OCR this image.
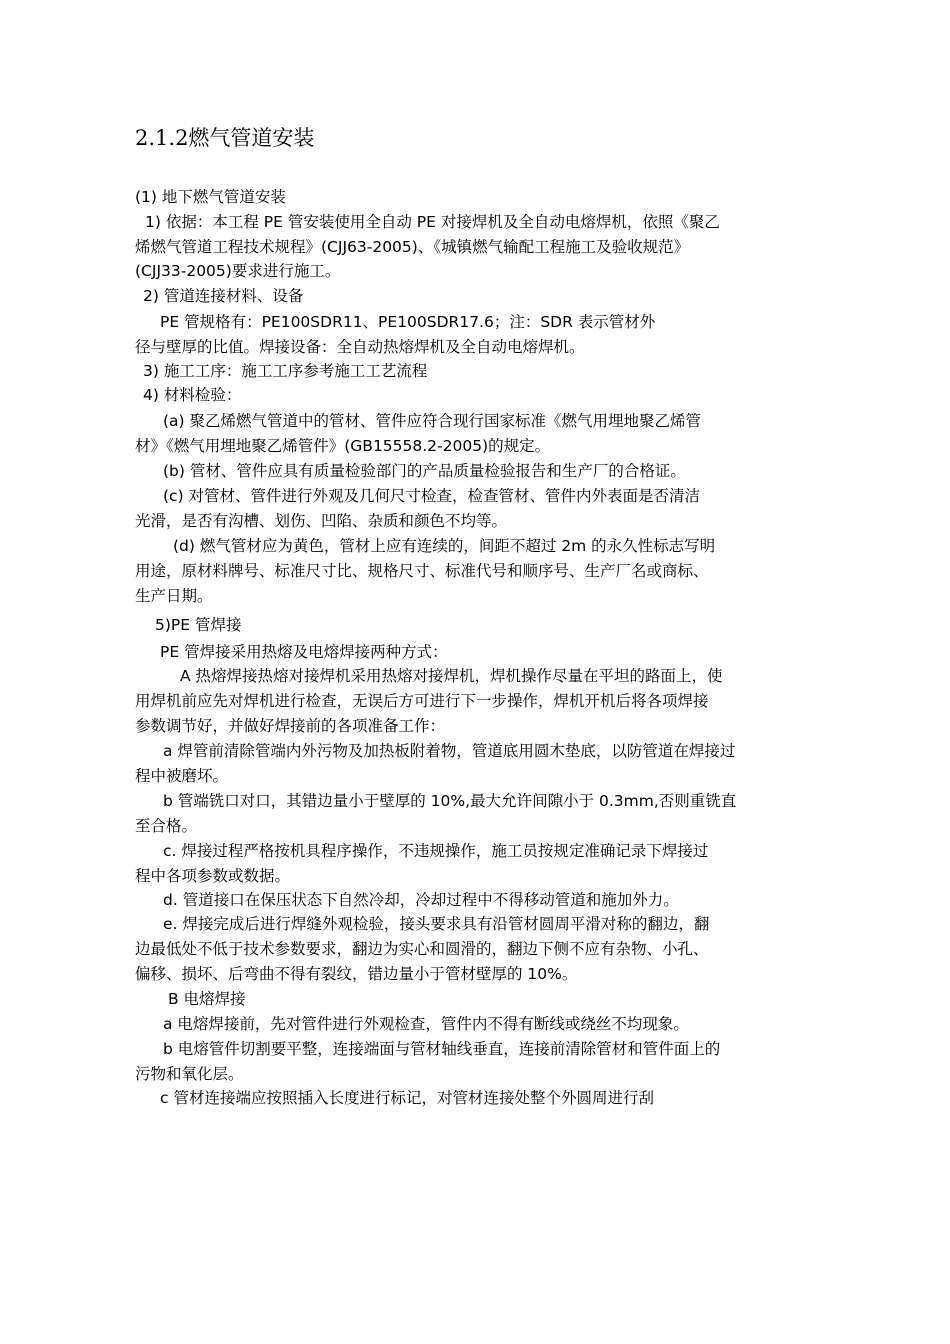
2.1.2燃气管道安装
(1) 地下燃气管道安装
1) 依据：本工程 PE 管安装使用全自动 PE 对接焊机及全自动电熔焊机，依照《聚乙
烯燃气管道工程技术规程》(CJJ63-2005)、《城镇燃气输配工程施工及验收规范》
(CJJ33-2005)要求进行施工。
2) 管道连接材料、设备
PE 管规格有：PE100SDR11、PE100SDR17.6；注：SDR 表示管材外
径与壁厚的比值。焊接设备：全自动热熔焊机及全自动电熔焊机。
3) 施工工序：施工工序参考施工工艺流程
4) 材料检验：
(a) 聚乙烯燃气管道中的管材、管件应符合现行国家标准《燃气用埋地聚乙烯管
材》《燃气用埋地聚乙烯管件》(GB15558.2-2005)的规定。
(b) 管材、管件应具有质量检验部门的产品质量检验报告和生产厂的合格证。
(c) 对管材、管件进行外观及几何尺寸检查，检查管材、管件内外表面是否清洁
光滑，是否有沟槽、划伤、凹陷、杂质和颜色不均等。
(d) 燃气管材应为黄色，管材上应有连续的，间距不超过 2m 的永久性标志写明
用途，原材料牌号、标准尺寸比、规格尺寸、标准代号和顺序号、生产厂名或商标、
生产日期。
5)PE 管焊接
PE 管焊接采用热熔及电熔焊接两种方式：
A 热熔焊接热熔对接焊机采用热熔对接焊机，焊机操作尽量在平坦的路面上，使
用焊机前应先对焊机进行检查，无误后方可进行下一步操作，焊机开机后将各项焊接
参数调节好，并做好焊接前的各项准备工作：
a 焊管前清除管端内外污物及加热板附着物，管道底用圆木垫底，以防管道在焊接过
程中被磨坏。
b 管端铣口对口，其错边量小于壁厚的 10%,最大允许间隙小于 0.3mm,否则重铣直
至合格。
c. 焊接过程严格按机具程序操作，不违规操作，施工员按规定准确记录下焊接过
程中各项参数或数据。
d. 管道接口在保压状态下自然冷却，冷却过程中不得移动管道和施加外力。
e. 焊接完成后进行焊缝外观检验，接头要求具有沿管材圆周平滑对称的翻边，翻
边最低处不低于技术参数要求，翻边为实心和圆滑的，翻边下侧不应有杂物、小孔、
偏移、损坏、后弯曲不得有裂纹，错边量小于管材壁厚的 10%。
B 电熔焊接
a 电熔焊接前，先对管件进行外观检查，管件内不得有断线或绕丝不均现象。
b 电熔管件切割要平整，连接端面与管材轴线垂直，连接前清除管材和管件面上的
污物和氧化层。
c 管材连接端应按照插入长度进行标记，对管材连接处整个外圆周进行刮
